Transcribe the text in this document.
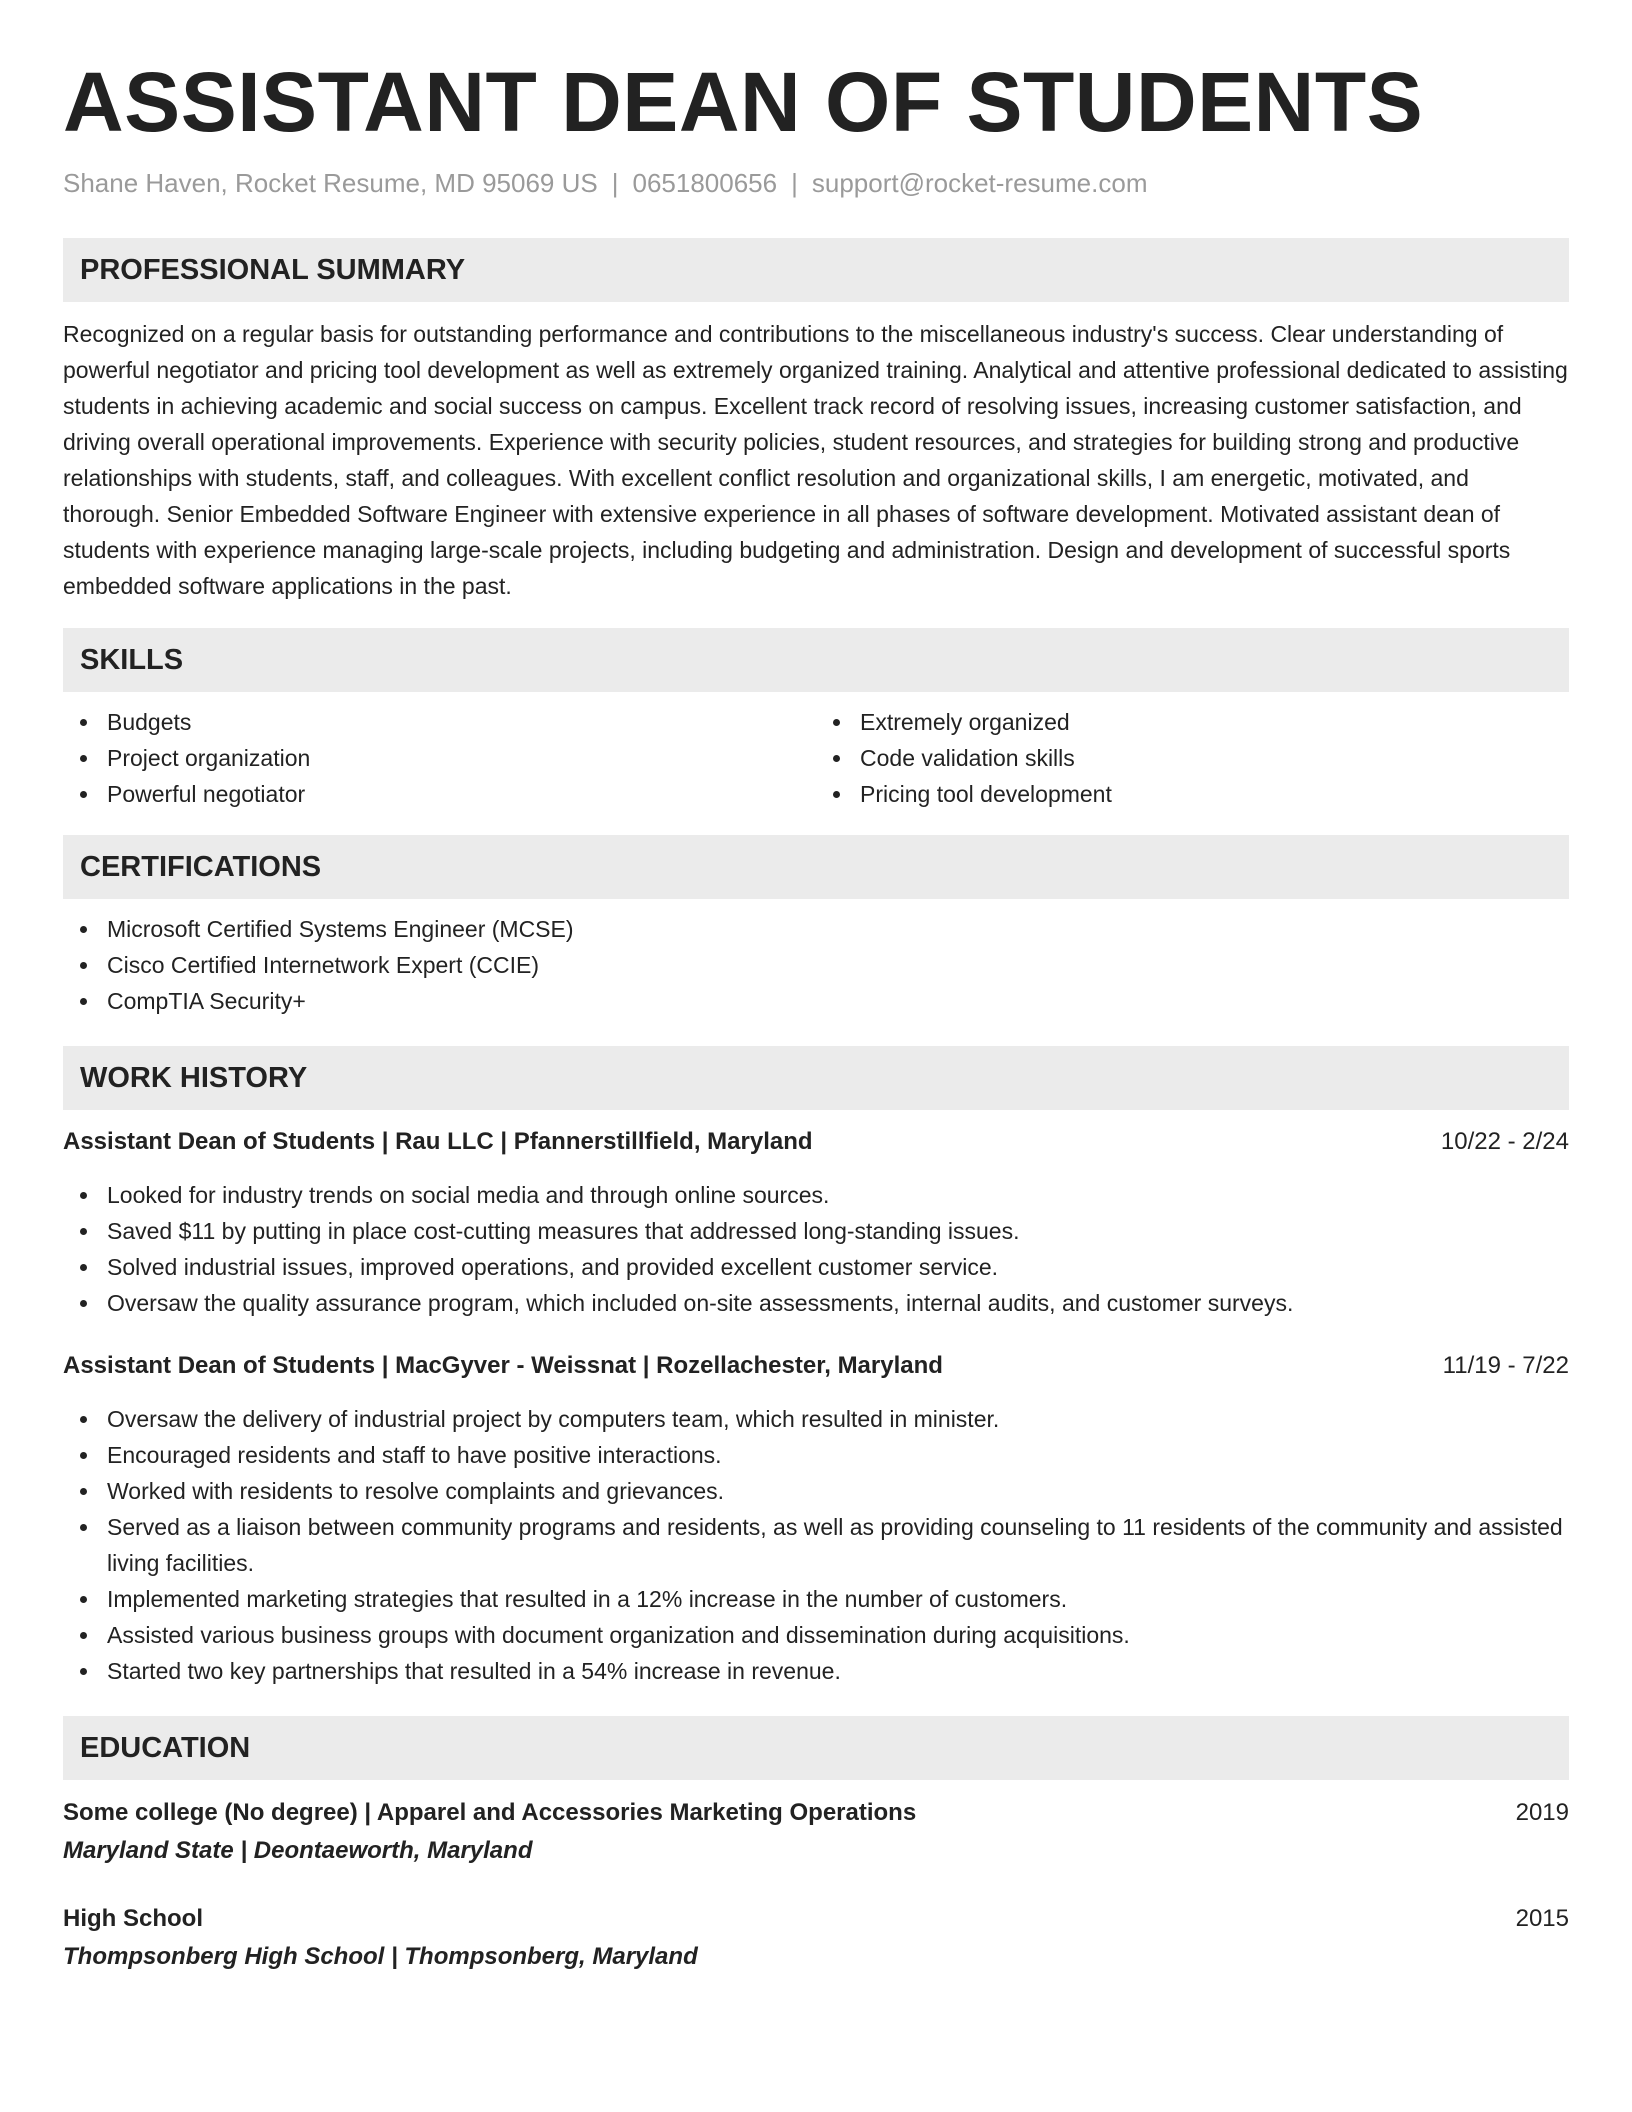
ASSISTANT DEAN OF STUDENTS
Shane Haven, Rocket Resume, MD 95069 US | 0651800656 | support@rocket-resume.com
PROFESSIONAL SUMMARY

Recognized on a regular basis for outstanding performance and contributions to the miscellaneous industry's success. Clear understanding of powerful negotiator and pricing tool development as well as extremely organized training. Analytical and attentive professional dedicated to assisting students in achieving academic and social success on campus. Excellent track record of resolving issues, increasing customer satisfaction, and driving overall operational improvements. Experience with security policies, student resources, and strategies for building strong and productive relationships with students, staff, and colleagues. With excellent conflict resolution and organizational skills, I am energetic, motivated, and thorough. Senior Embedded Software Engineer with extensive experience in all phases of software development. Motivated assistant dean of students with experience managing large-scale projects, including budgeting and administration. Design and development of successful sports embedded software applications in the past.

SKILLS
Budgets
Project organization
Powerful negotiator
Extremely organized
Code validation skills
Pricing tool development
CERTIFICATIONS
Microsoft Certified Systems Engineer (MCSE)
Cisco Certified Internetwork Expert (CCIE)
CompTIA Security+
WORK HISTORY
Assistant Dean of Students | Rau LLC | Pfannerstillfield, Maryland	10/22 - 2/24
Looked for industry trends on social media and through online sources.
Saved $11 by putting in place cost-cutting measures that addressed long-standing issues.
Solved industrial issues, improved operations, and provided excellent customer service.
Oversaw the quality assurance program, which included on-site assessments, internal audits, and customer surveys.
Assistant Dean of Students | MacGyver - Weissnat | Rozellachester, Maryland	11/19 - 7/22
Oversaw the delivery of industrial project by computers team, which resulted in minister.
Encouraged residents and staff to have positive interactions.
Worked with residents to resolve complaints and grievances.
Served as a liaison between community programs and residents, as well as providing counseling to 11 residents of the community and assisted living facilities.
Implemented marketing strategies that resulted in a 12% increase in the number of customers.
Assisted various business groups with document organization and dissemination during acquisitions.
Started two key partnerships that resulted in a 54% increase in revenue.
EDUCATION
Some college (No degree) | Apparel and Accessories Marketing Operations	2019
Maryland State | Deontaeworth, Maryland
High School	2015
Thompsonberg High School | Thompsonberg, Maryland
